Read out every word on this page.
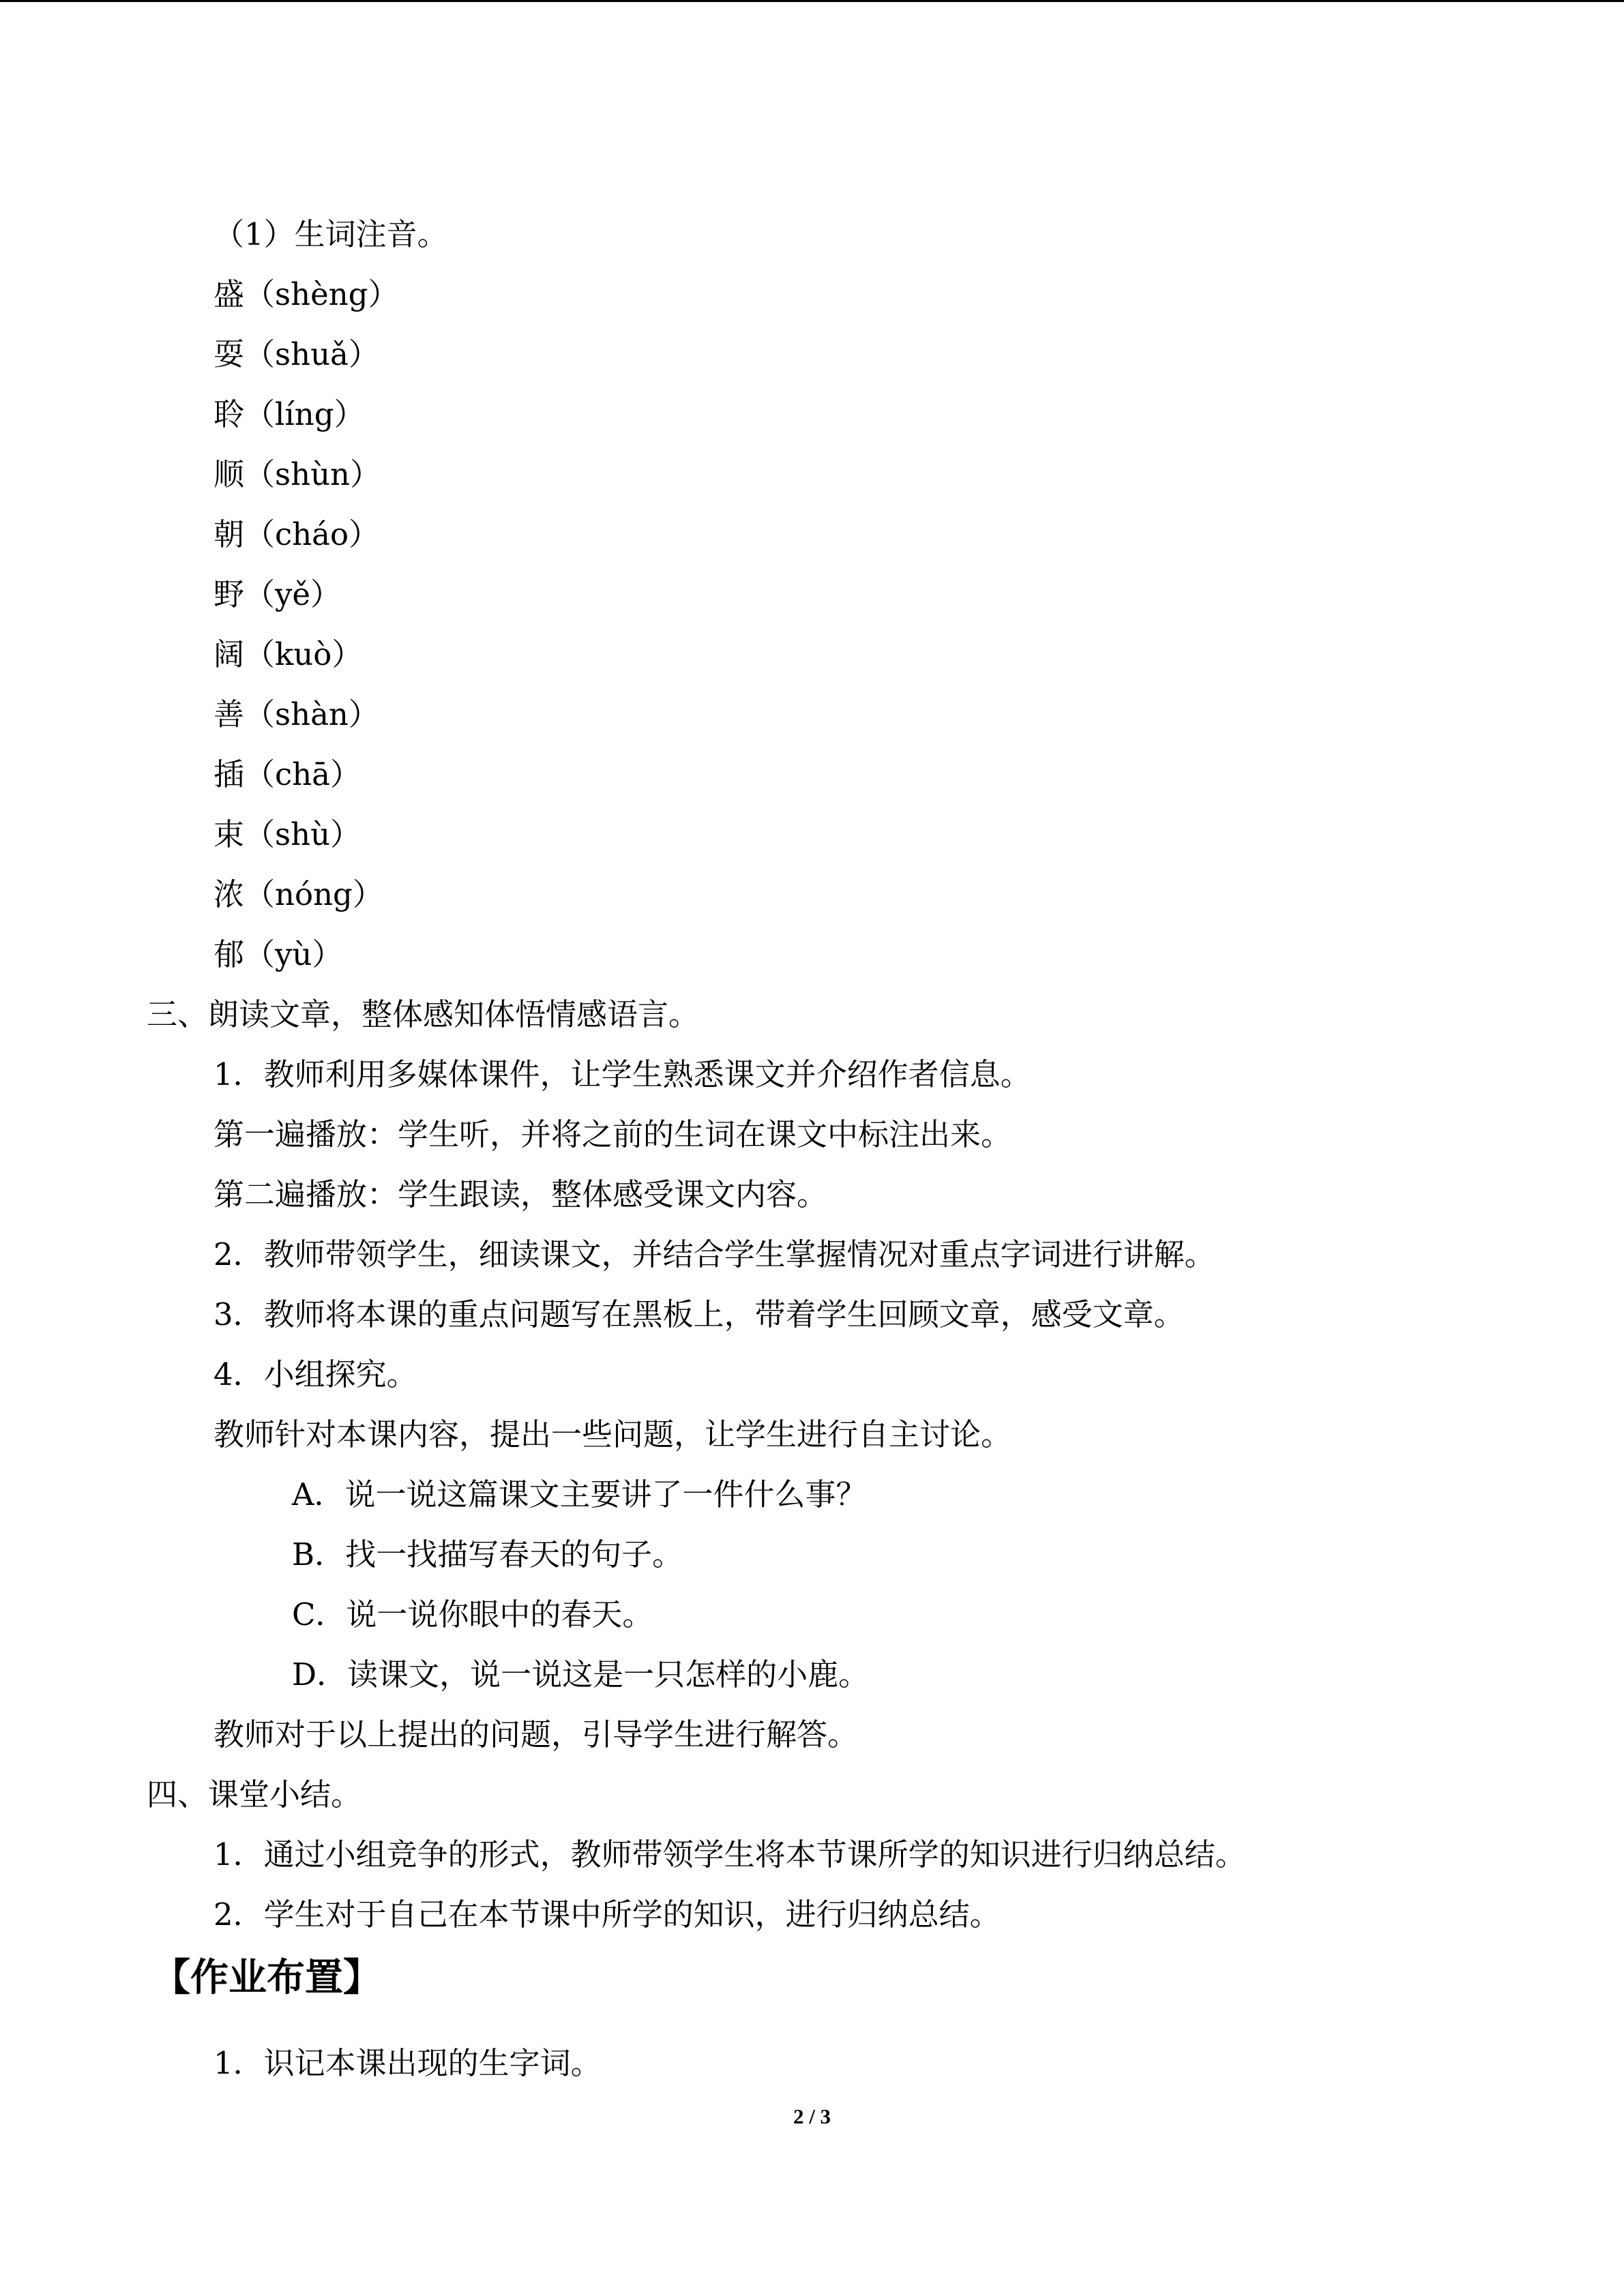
（1）生词注音。
盛（shèng）
耍（shuǎ）
聆（líng）
顺（shùn）
朝（cháo）
野（yě）
阔（kuò）
善（shàn）
插（chā）
束（shù）
浓（nóng）
郁（yù）
三、朗读文章，整体感知体悟情感语言。
1．教师利用多媒体课件，让学生熟悉课文并介绍作者信息。
第一遍播放：学生听，并将之前的生词在课文中标注出来。
第二遍播放：学生跟读，整体感受课文内容。
2．教师带领学生，细读课文，并结合学生掌握情况对重点字词进行讲解。
3．教师将本课的重点问题写在黑板上，带着学生回顾文章，感受文章。
4．小组探究。
教师针对本课内容，提出一些问题，让学生进行自主讨论。
A．说一说这篇课文主要讲了一件什么事？
B．找一找描写春天的句子。
C．说一说你眼中的春天。
D．读课文，说一说这是一只怎样的小鹿。
教师对于以上提出的问题，引导学生进行解答。
四、课堂小结。
1．通过小组竞争的形式，教师带领学生将本节课所学的知识进行归纳总结。
2．学生对于自己在本节课中所学的知识，进行归纳总结。
【作业布置】
1．识记本课出现的生字词。
2 / 3
